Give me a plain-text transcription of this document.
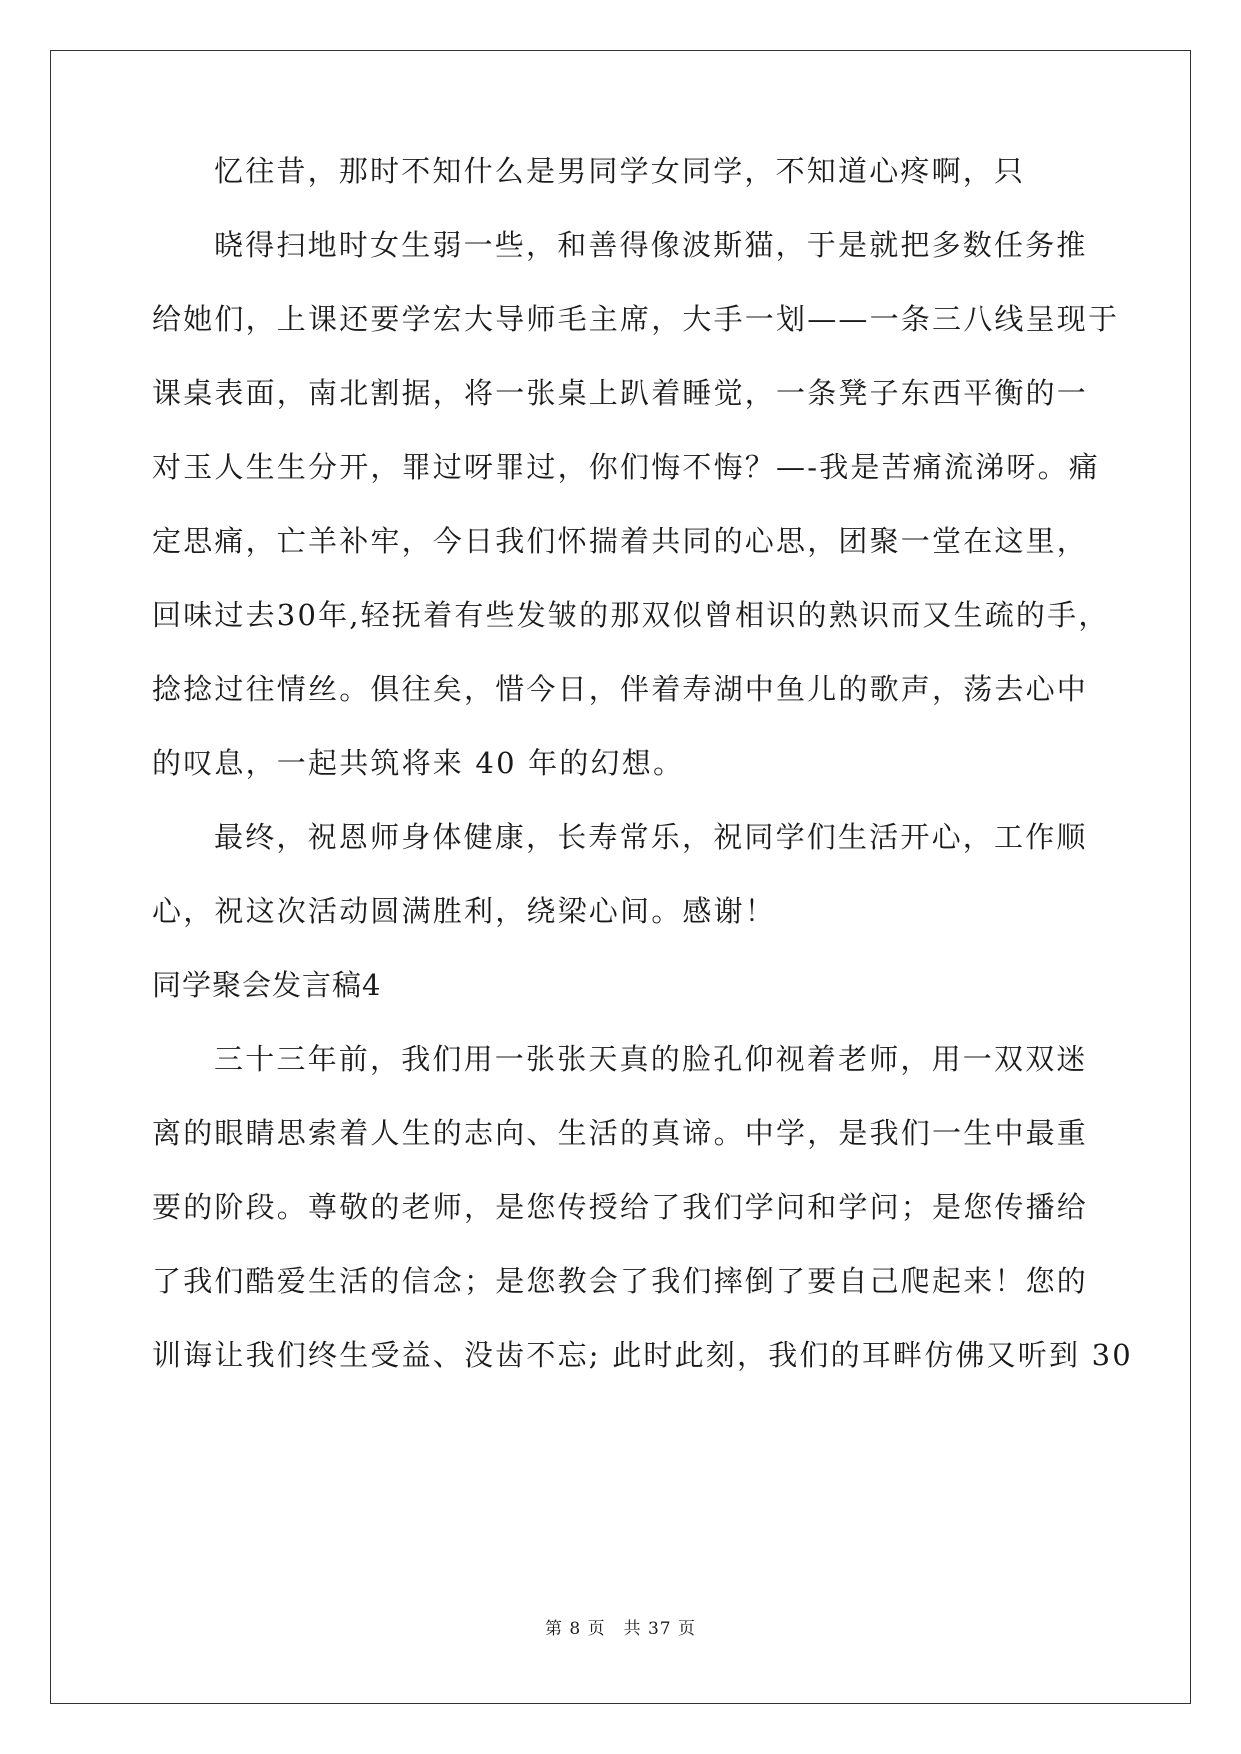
忆往昔，那时不知什么是男同学女同学，不知道心疼啊，只
晓得扫地时女生弱一些，和善得像波斯猫，于是就把多数任务推
给她们，上课还要学宏大导师毛主席，大手一划——一条三八线呈现于
课桌表面，南北割据，将一张桌上趴着睡觉，一条凳子东西平衡的一
对玉人生生分开，罪过呀罪过，你们悔不悔？—-我是苦痛流涕呀。痛
定思痛，亡羊补牢，今日我们怀揣着共同的心思，团聚一堂在这里，
回味过去30年,轻抚着有些发皱的那双似曾相识的熟识而又生疏的手，
捻捻过往情丝。俱往矣，惜今日，伴着寿湖中鱼儿的歌声，荡去心中
的叹息，一起共筑将来 40 年的幻想。
最终，祝恩师身体健康，长寿常乐，祝同学们生活开心，工作顺
心，祝这次活动圆满胜利，绕梁心间。感谢！
同学聚会发言稿4
三十三年前，我们用一张张天真的脸孔仰视着老师，用一双双迷
离的眼睛思索着人生的志向、生活的真谛。中学，是我们一生中最重
要的阶段。尊敬的老师，是您传授给了我们学问和学问；是您传播给
了我们酷爱生活的信念；是您教会了我们摔倒了要自己爬起来！您的
训诲让我们终生受益、没齿不忘; 此时此刻，我们的耳畔仿佛又听到 30
第 8 页 共 37 页
